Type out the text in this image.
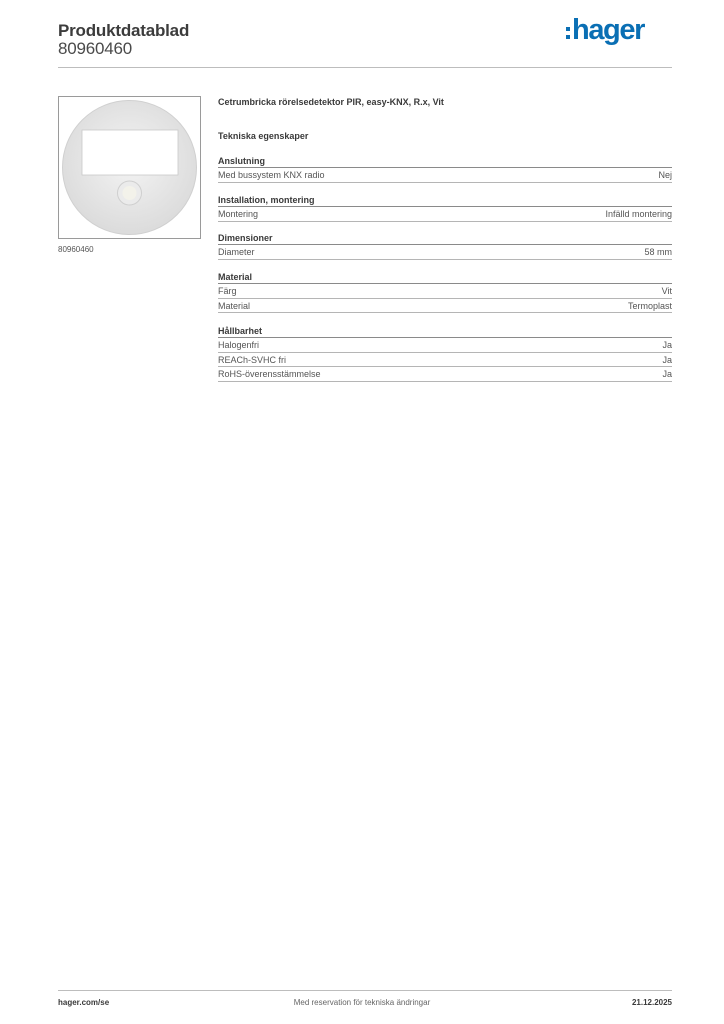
Produktdatablad
80960460
hager
80960460
Cetrumbricka rörelsedetektor PIR, easy-KNX, R.x, Vit
Tekniska egenskaper
Anslutning
Med bussystem KNX radio	Nej
Installation, montering
Montering	Infälld montering
Dimensioner
Diameter	58 mm
Material
Färg	Vit
Material	Termoplast
Hållbarhet
Halogenfri	Ja
REACh-SVHC fri	Ja
RoHS-överensstämmelse	Ja
hager.com/se	Med reservation för tekniska ändringar	21.12.2025
